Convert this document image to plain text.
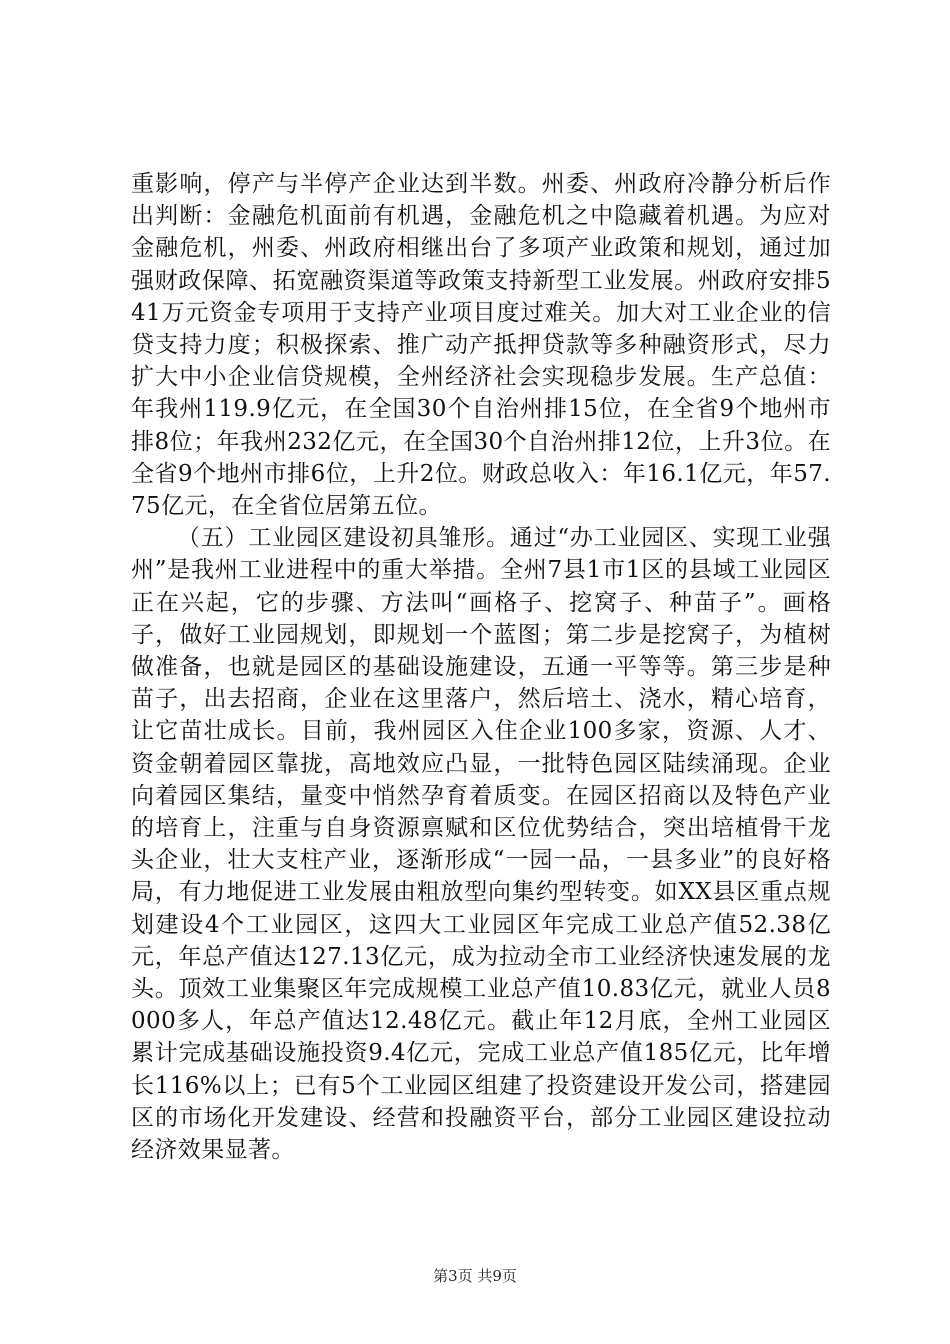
重影响，停产与半停产企业达到半数。州委、州政府冷静分析后作出判断：金融危机面前有机遇，金融危机之中隐藏着机遇。为应对金融危机，州委、州政府相继出台了多项产业政策和规划，通过加强财政保障、拓宽融资渠道等政策支持新型工业发展。州政府安排541万元资金专项用于支持产业项目度过难关。加大对工业企业的信贷支持力度；积极探索、推广动产抵押贷款等多种融资形式，尽力扩大中小企业信贷规模，全州经济社会实现稳步发展。生产总值：年我州119.9亿元，在全国30个自治州排15位，在全省9个地州市排8位；年我州232亿元，在全国30个自治州排12位，上升3位。在全省9个地州市排6位，上升2位。财政总收入：年16.1亿元，年57.75亿元，在全省位居第五位。

（五）工业园区建设初具雏形。通过“办工业园区、实现工业强州”是我州工业进程中的重大举措。全州7县1市1区的县域工业园区正在兴起，它的步骤、方法叫“画格子、挖窝子、种苗子”。画格子，做好工业园规划，即规划一个蓝图；第二步是挖窝子，为植树做准备，也就是园区的基础设施建设，五通一平等等。第三步是种苗子，出去招商，企业在这里落户，然后培土、浇水，精心培育，让它苗壮成长。目前，我州园区入住企业100多家，资源、人才、资金朝着园区靠拢，高地效应凸显，一批特色园区陆续涌现。企业向着园区集结，量变中悄然孕育着质变。在园区招商以及特色产业的培育上，注重与自身资源禀赋和区位优势结合，突出培植骨干龙头企业，壮大支柱产业，逐渐形成“一园一品，一县多业”的良好格局，有力地促进工业发展由粗放型向集约型转变。如XX县区重点规划建设4个工业园区，这四大工业园区年完成工业总产值52.38亿元，年总产值达127.13亿元，成为拉动全市工业经济快速发展的龙头。顶效工业集聚区年完成规模工业总产值10.83亿元，就业人员8000多人，年总产值达12.48亿元。截止年12月底，全州工业园区累计完成基础设施投资9.4亿元，完成工业总产值185亿元，比年增长116%以上；已有5个工业园区组建了投资建设开发公司，搭建园区的市场化开发建设、经营和投融资平台，部分工业园区建设拉动经济效果显著。

第3页 共9页
